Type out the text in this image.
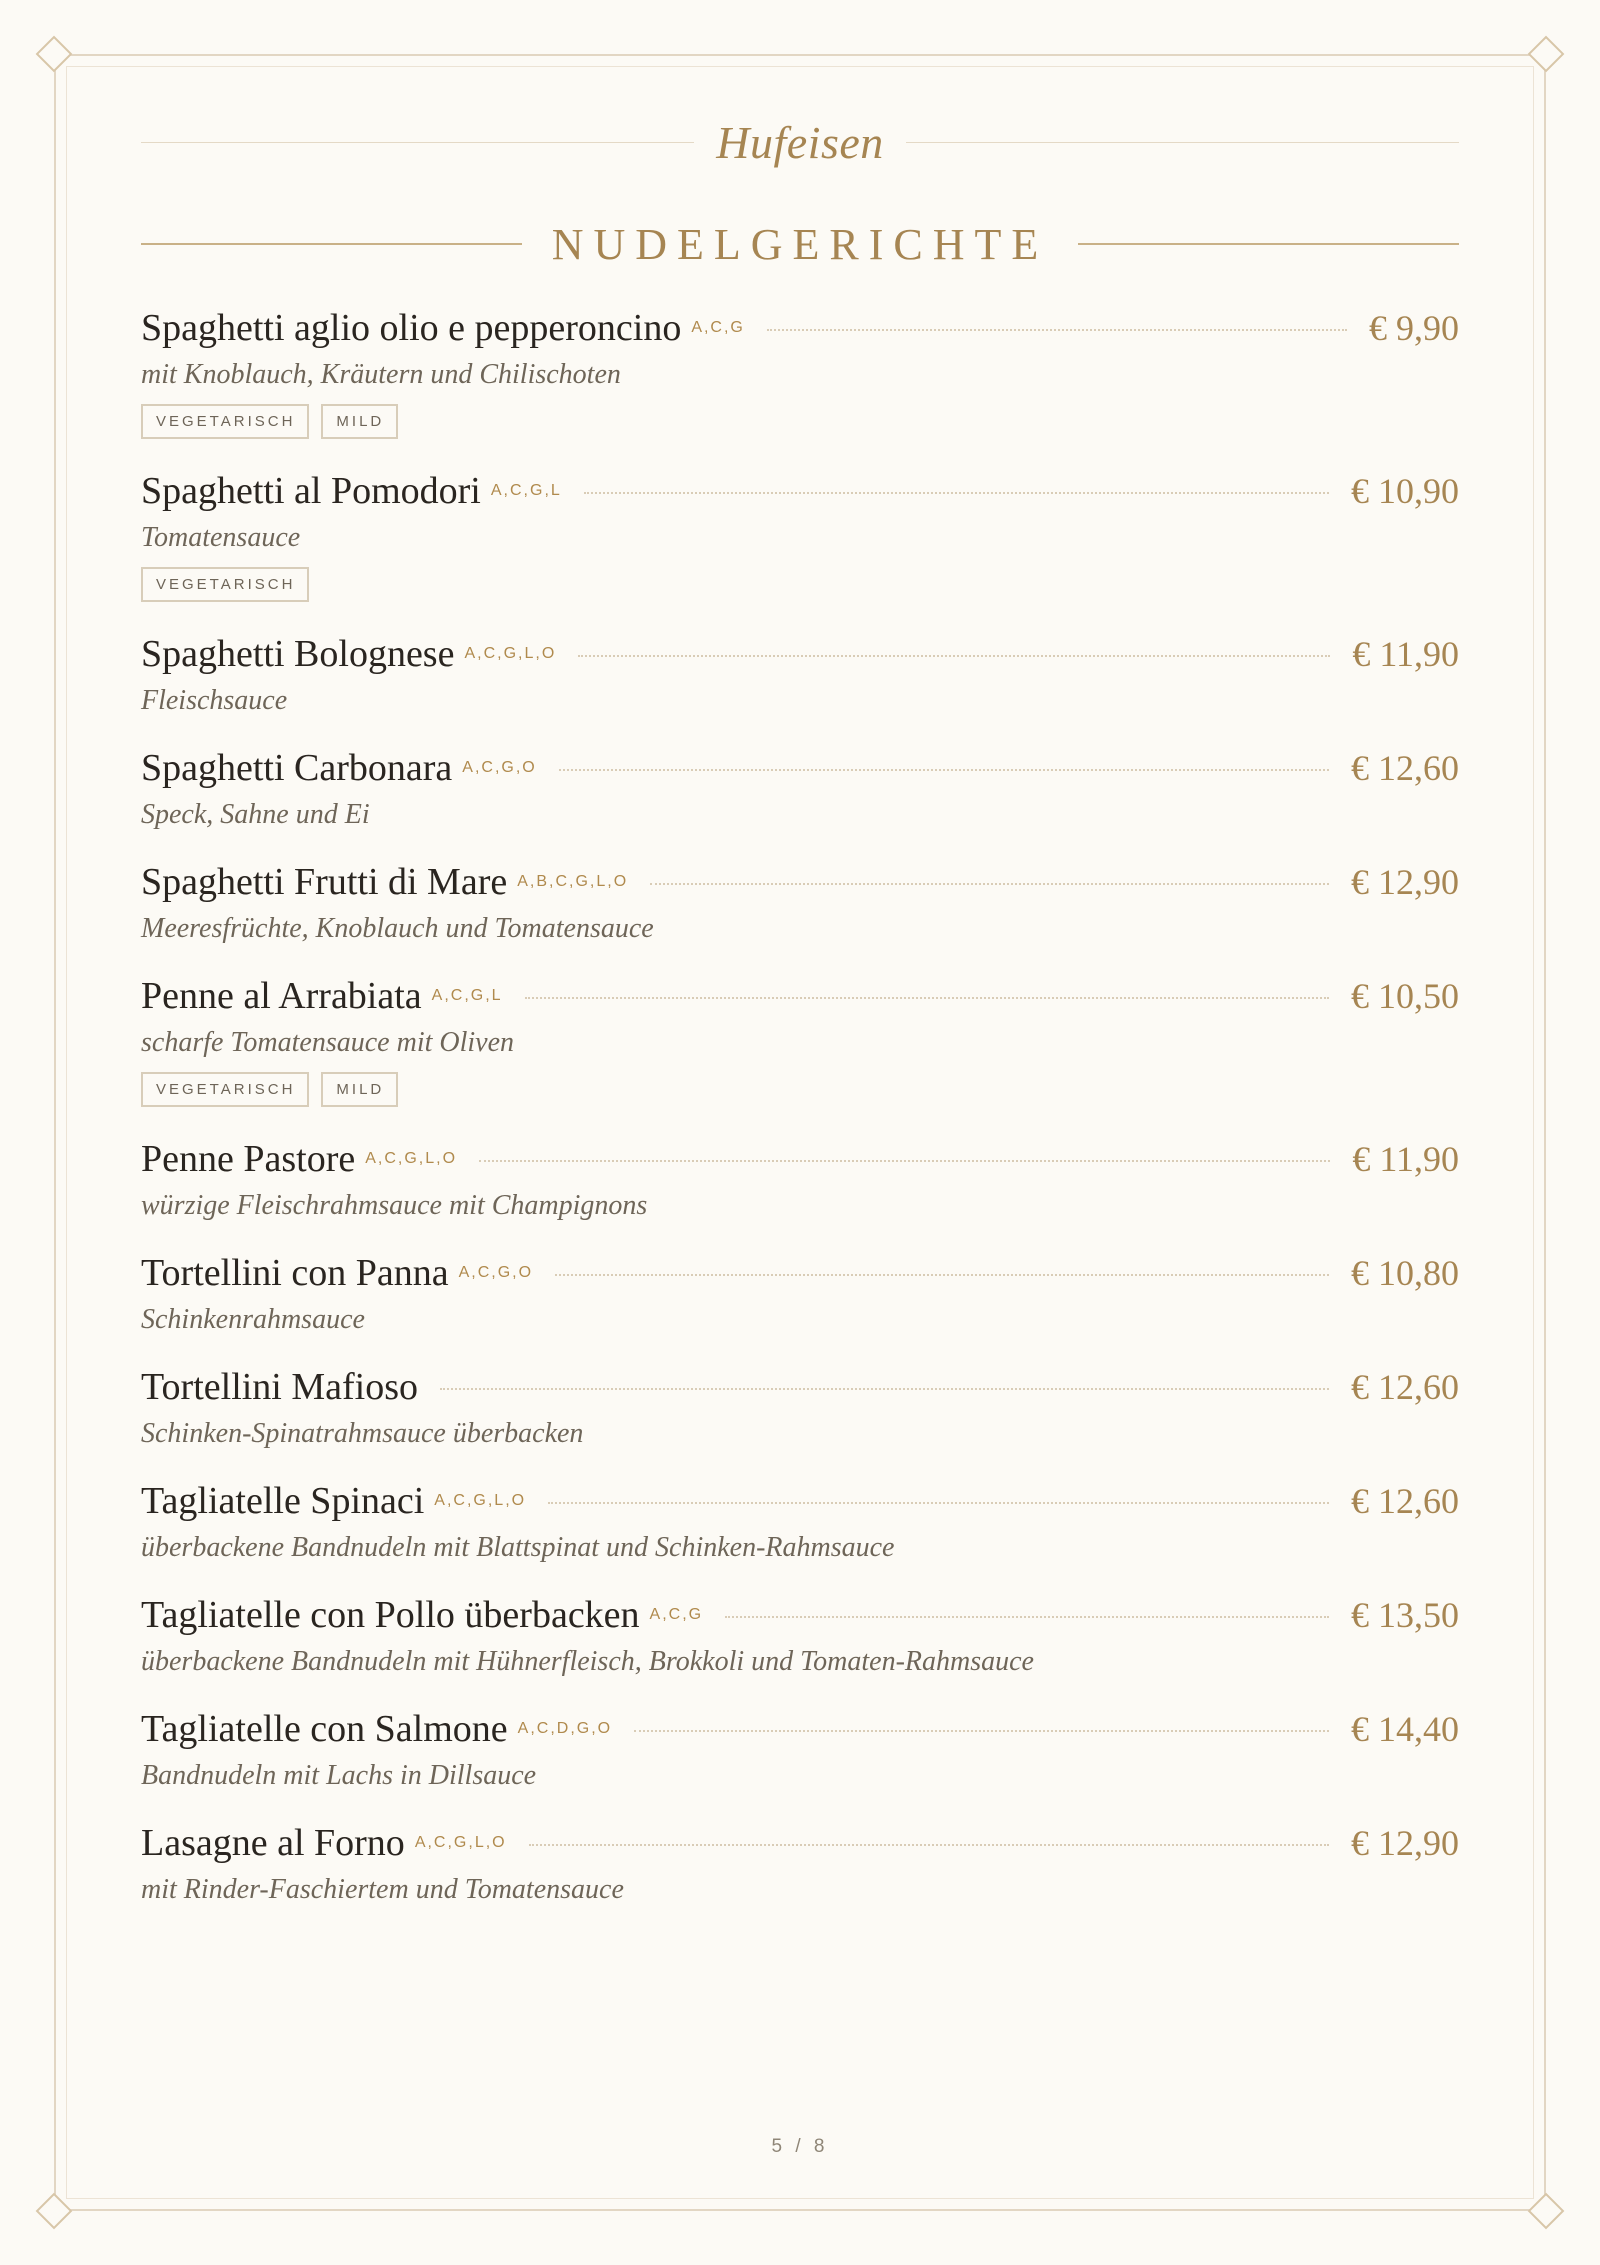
Hufeisen
NUDELGERICHTE
Spaghetti aglio olio e pepperoncino A,C,G	€ 9,90
mit Knoblauch, Kräutern und Chilischoten
VEGETARISCH	MILD
Spaghetti al Pomodori A,C,G,L	€ 10,90
Tomatensauce
VEGETARISCH
Spaghetti Bolognese A,C,G,L,O	€ 11,90
Fleischsauce
Spaghetti Carbonara A,C,G,O	€ 12,60
Speck, Sahne und Ei
Spaghetti Frutti di Mare A,B,C,G,L,O	€ 12,90
Meeresfrüchte, Knoblauch und Tomatensauce
Penne al Arrabiata A,C,G,L	€ 10,50
scharfe Tomatensauce mit Oliven
VEGETARISCH	MILD
Penne Pastore A,C,G,L,O	€ 11,90
würzige Fleischrahmsauce mit Champignons
Tortellini con Panna A,C,G,O	€ 10,80
Schinkenrahmsauce
Tortellini Mafioso	€ 12,60
Schinken-Spinatrahmsauce überbacken
Tagliatelle Spinaci A,C,G,L,O	€ 12,60
überbackene Bandnudeln mit Blattspinat und Schinken-Rahmsauce
Tagliatelle con Pollo überbacken A,C,G	€ 13,50
überbackene Bandnudeln mit Hühnerfleisch, Brokkoli und Tomaten-Rahmsauce
Tagliatelle con Salmone A,C,D,G,O	€ 14,40
Bandnudeln mit Lachs in Dillsauce
Lasagne al Forno A,C,G,L,O	€ 12,90
mit Rinder-Faschiertem und Tomatensauce
5 / 8
